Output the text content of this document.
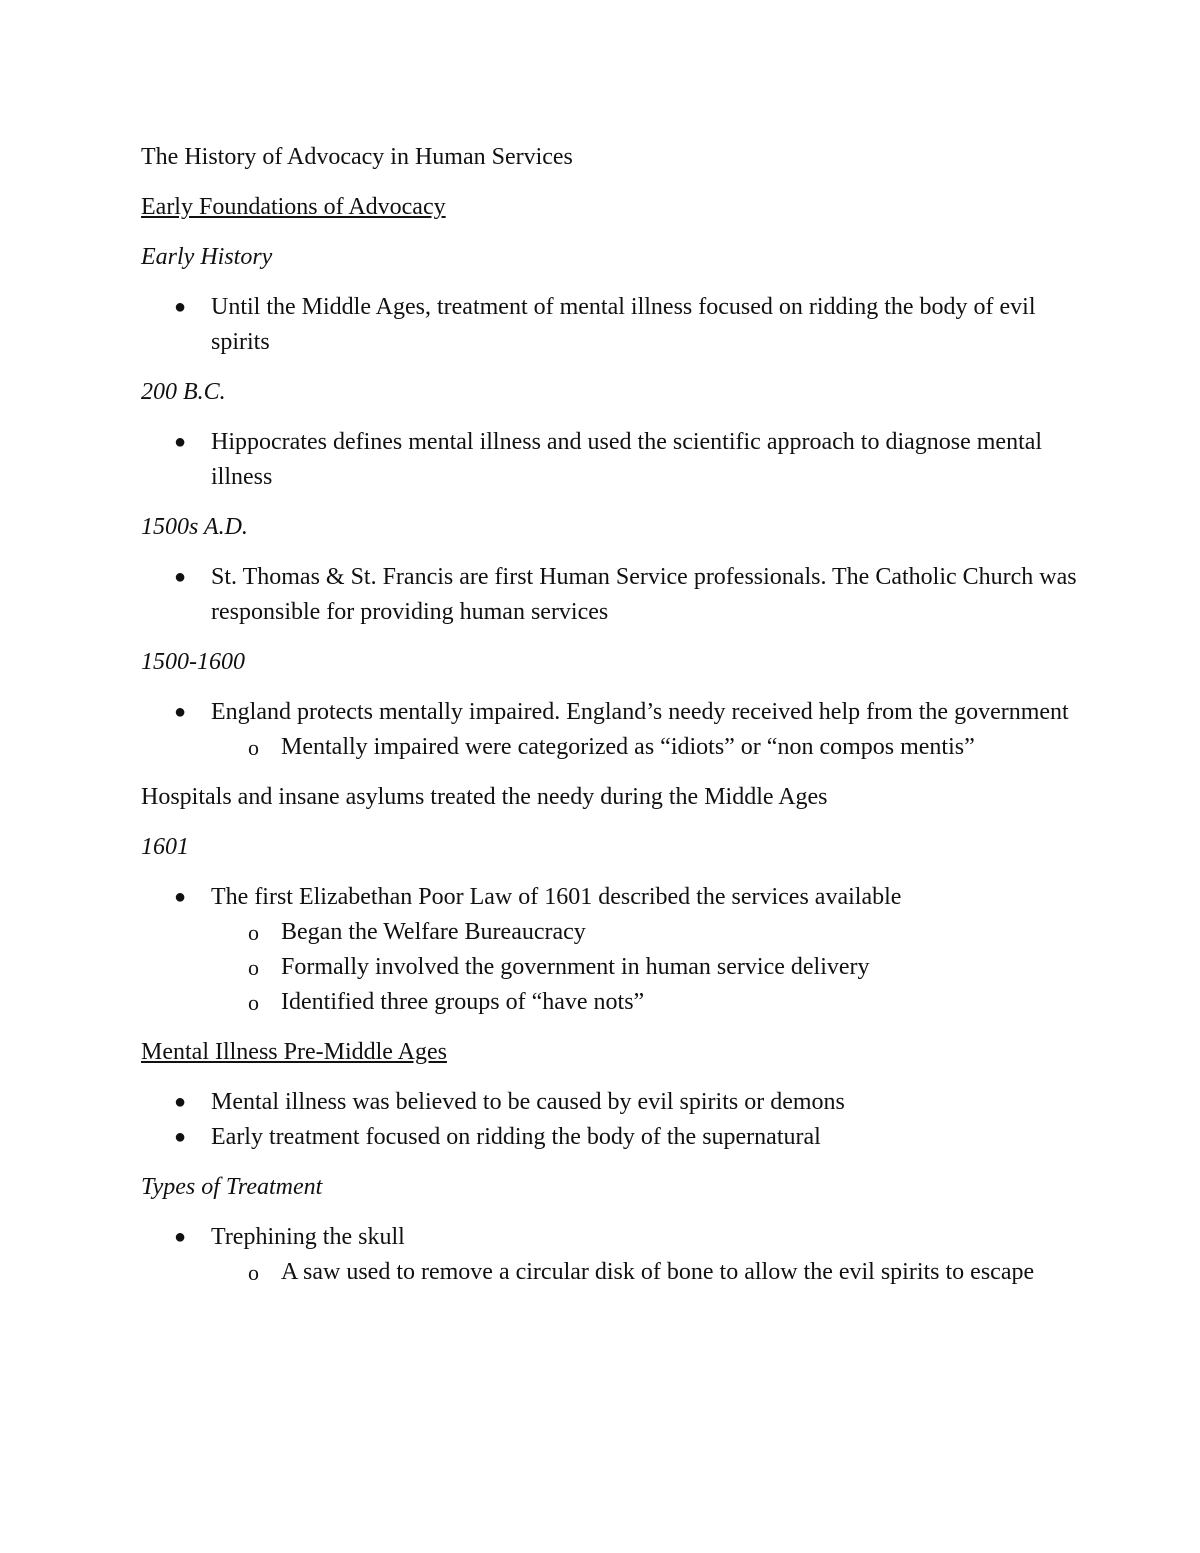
The History of Advocacy in Human Services

Early Foundations of Advocacy

Early History

● Until the Middle Ages, treatment of mental illness focused on ridding the body of evil spirits

200 B.C.

● Hippocrates defines mental illness and used the scientific approach to diagnose mental illness

1500s A.D.

● St. Thomas & St. Francis are first Human Service professionals. The Catholic Church was responsible for providing human services

1500-1600

● England protects mentally impaired. England’s needy received help from the government
o Mentally impaired were categorized as “idiots” or “non compos mentis”

Hospitals and insane asylums treated the needy during the Middle Ages

1601

● The first Elizabethan Poor Law of 1601 described the services available
o Began the Welfare Bureaucracy
o Formally involved the government in human service delivery
o Identified three groups of “have nots”

Mental Illness Pre-Middle Ages

● Mental illness was believed to be caused by evil spirits or demons
● Early treatment focused on ridding the body of the supernatural

Types of Treatment

● Trephining the skull
o A saw used to remove a circular disk of bone to allow the evil spirits to escape
